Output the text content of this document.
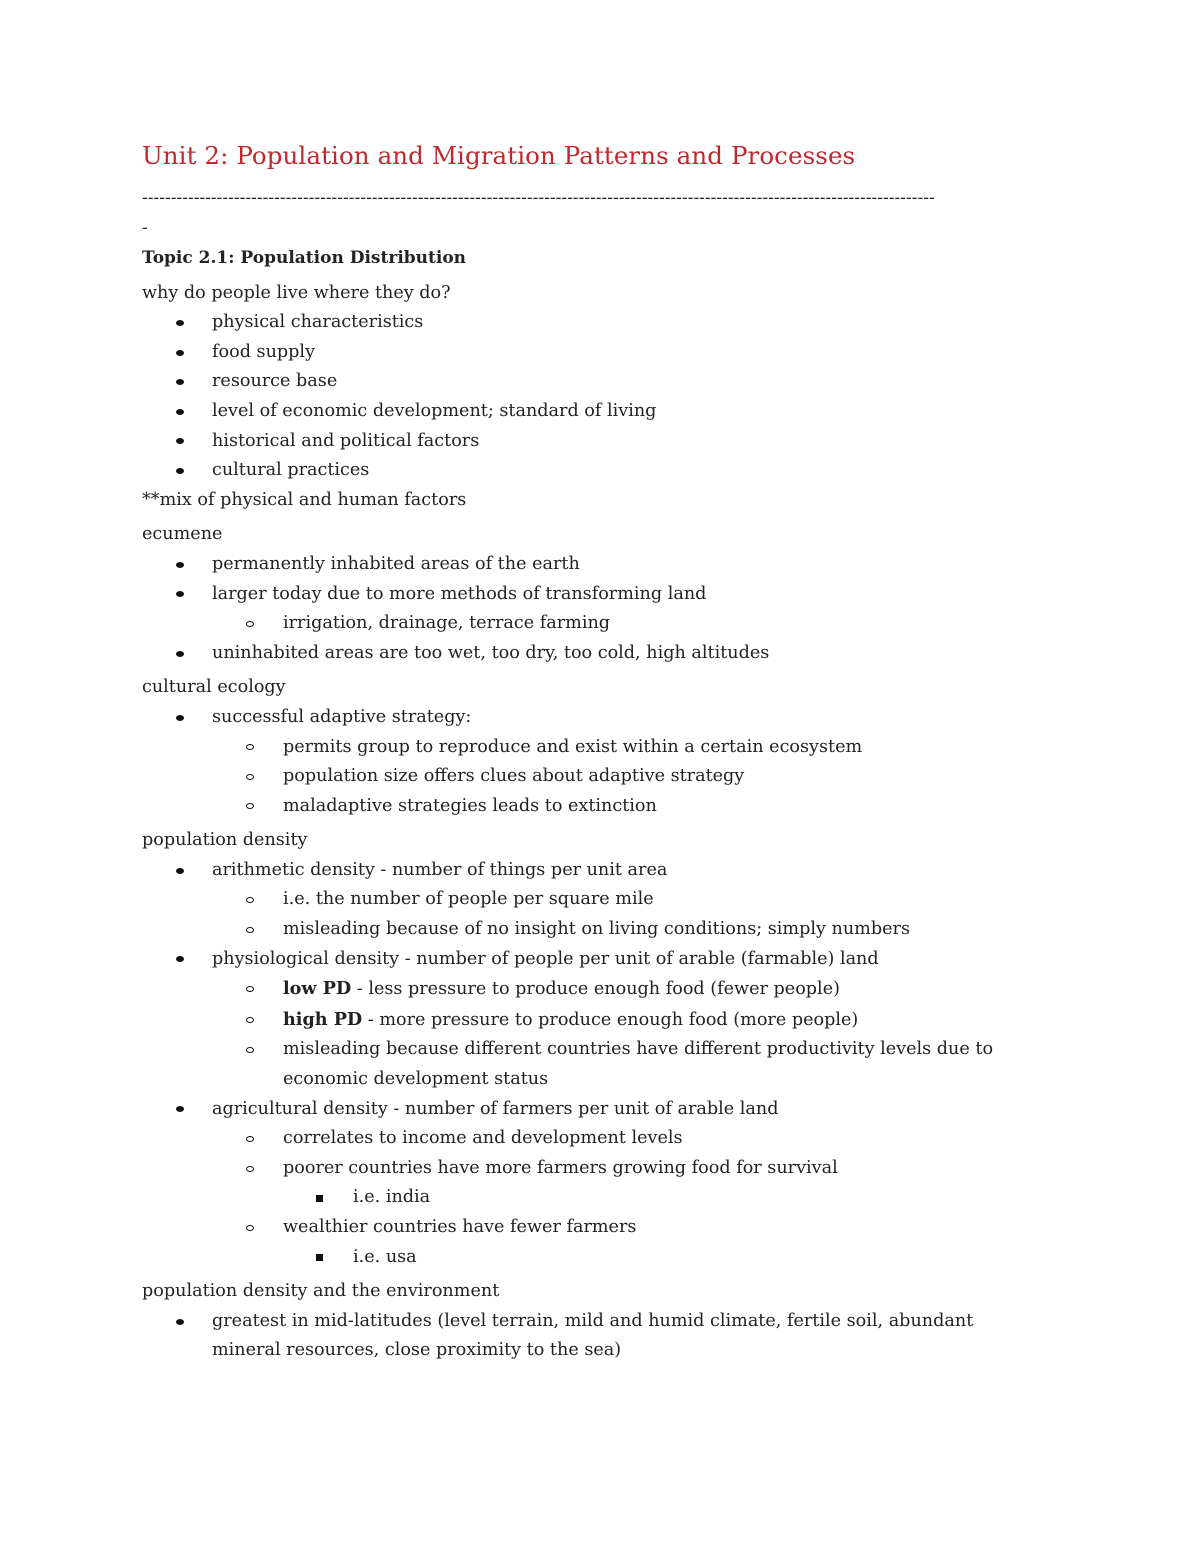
Unit 2: Population and Migration Patterns and Processes
------------------------------------------------------------------------------------------------------------------------------------------
-
Topic 2.1: Population Distribution
why do people live where they do?
physical characteristics
food supply
resource base
level of economic development; standard of living
historical and political factors
cultural practices
**mix of physical and human factors
ecumene
permanently inhabited areas of the earth
larger today due to more methods of transforming land
irrigation, drainage, terrace farming
uninhabited areas are too wet, too dry, too cold, high altitudes
cultural ecology
successful adaptive strategy:
permits group to reproduce and exist within a certain ecosystem
population size offers clues about adaptive strategy
maladaptive strategies leads to extinction
population density
arithmetic density - number of things per unit area
i.e. the number of people per square mile
misleading because of no insight on living conditions; simply numbers
physiological density - number of people per unit of arable (farmable) land
low PD - less pressure to produce enough food (fewer people)
high PD - more pressure to produce enough food (more people)
misleading because different countries have different productivity levels due to
economic development status
agricultural density - number of farmers per unit of arable land
correlates to income and development levels
poorer countries have more farmers growing food for survival
i.e. india
wealthier countries have fewer farmers
i.e. usa
population density and the environment
greatest in mid-latitudes (level terrain, mild and humid climate, fertile soil, abundant
mineral resources, close proximity to the sea)
